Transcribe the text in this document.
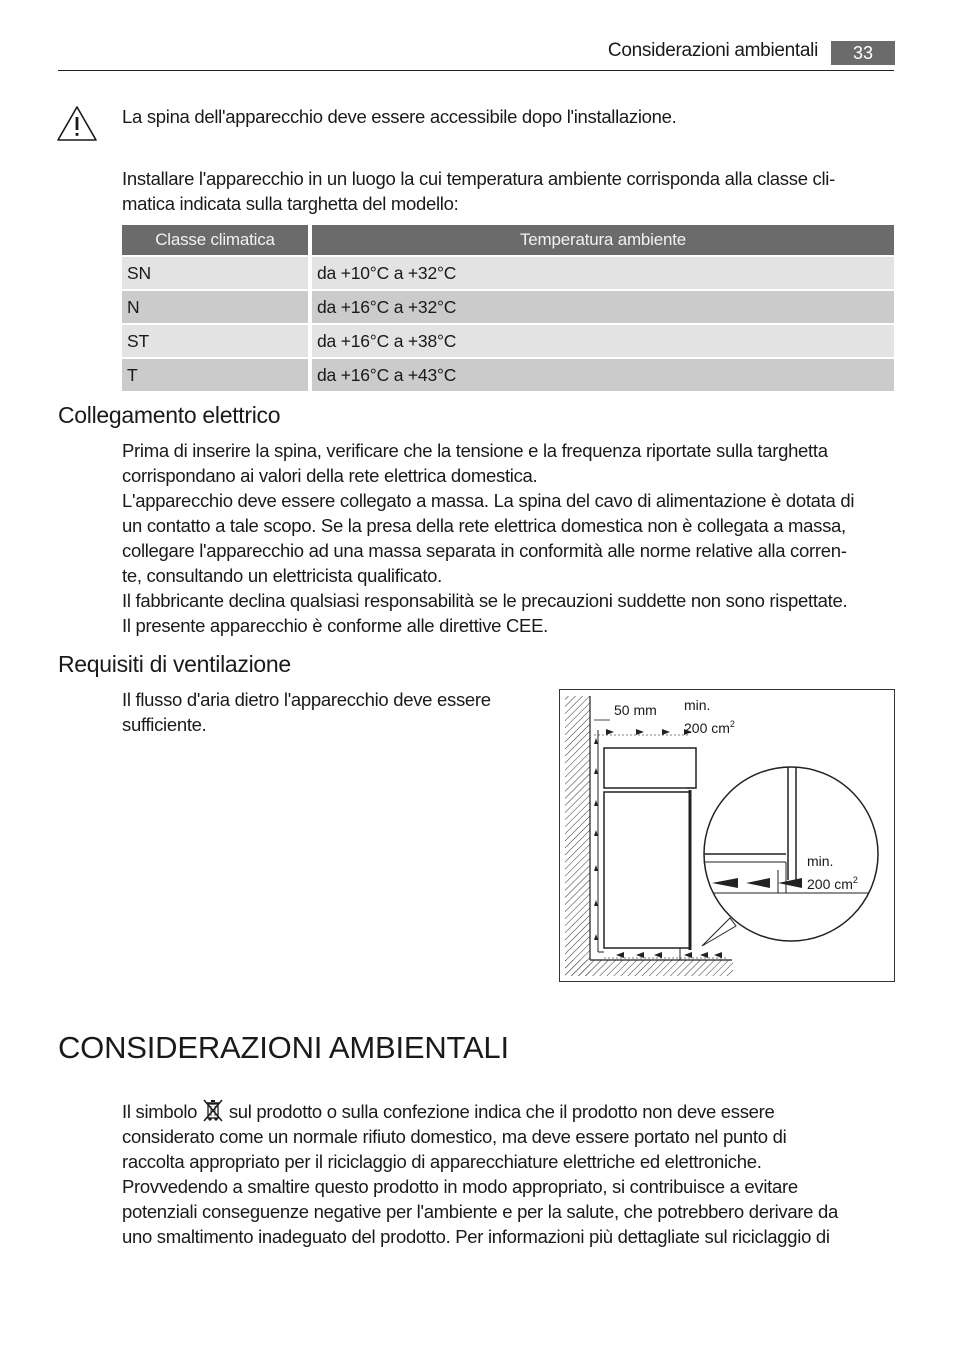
Considerazioni ambientali	33
La spina dell'apparecchio deve essere accessibile dopo l'installazione.
Installare l'apparecchio in un luogo la cui temperatura ambiente corrisponda alla classe cli-
matica indicata sulla targhetta del modello:
Classe climatica	Temperatura ambiente
SN	da +10°C a +32°C
N	da +16°C a +32°C
ST	da +16°C a +38°C
T	da +16°C a +43°C
Collegamento elettrico
Prima di inserire la spina, verificare che la tensione e la frequenza riportate sulla targhetta
corrispondano ai valori della rete elettrica domestica.
L'apparecchio deve essere collegato a massa. La spina del cavo di alimentazione è dotata di
un contatto a tale scopo. Se la presa della rete elettrica domestica non è collegata a massa,
collegare l'apparecchio ad una massa separata in conformità alle norme relative alla corren-
te, consultando un elettricista qualificato.
Il fabbricante declina qualsiasi responsabilità se le precauzioni suddette non sono rispettate.
Il presente apparecchio è conforme alle direttive CEE.
Requisiti di ventilazione
Il flusso d'aria dietro l'apparecchio deve essere
sufficiente.
50 mm min.
200 $cm^2$
min.
200 $cm^2$
CONSIDERAZIONI AMBIENTALI
Il simbolo sul prodotto o sulla confezione indica che il prodotto non deve essere
considerato come un normale rifiuto domestico, ma deve essere portato nel punto di
raccolta appropriato per il riciclaggio di apparecchiature elettriche ed elettroniche.
Provvedendo a smaltire questo prodotto in modo appropriato, si contribuisce a evitare
potenziali conseguenze negative per l'ambiente e per la salute, che potrebbero derivare da
uno smaltimento inadeguato del prodotto. Per informazioni più dettagliate sul riciclaggio di
